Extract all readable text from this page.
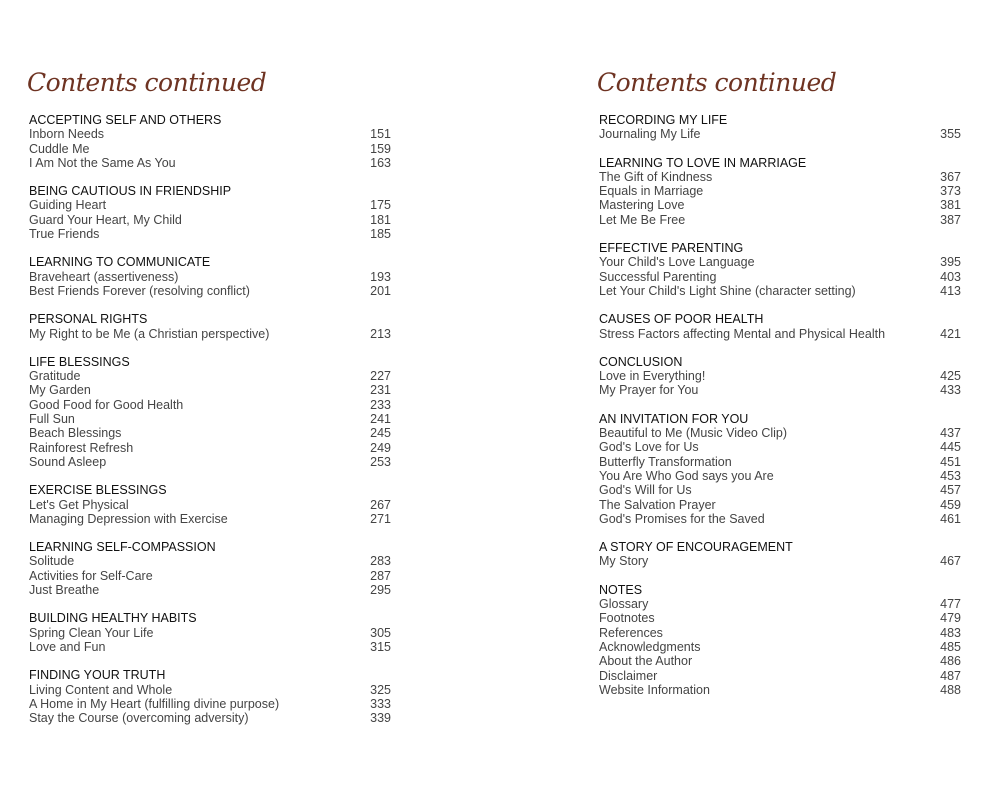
Contents continued
ACCEPTING SELF AND OTHERS
Inborn Needs	151
Cuddle Me	159
I Am Not the Same As You	163
BEING CAUTIOUS IN FRIENDSHIP
Guiding Heart	175
Guard Your Heart, My Child	181
True Friends	185
LEARNING TO COMMUNICATE
Braveheart (assertiveness)	193
Best Friends Forever (resolving conflict)	201
PERSONAL RIGHTS
My Right to be Me (a Christian perspective)	213
LIFE BLESSINGS
Gratitude	227
My Garden	231
Good Food for Good Health	233
Full Sun	241
Beach Blessings	245
Rainforest Refresh	249
Sound Asleep	253
EXERCISE BLESSINGS
Let's Get Physical	267
Managing Depression with Exercise	271
LEARNING SELF-COMPASSION
Solitude	283
Activities for Self-Care	287
Just Breathe	295
BUILDING HEALTHY HABITS
Spring Clean Your Life	305
Love and Fun	315
FINDING YOUR TRUTH
Living Content and Whole	325
A Home in My Heart (fulfilling divine purpose)	333
Stay the Course (overcoming adversity)	339
Contents continued
RECORDING MY LIFE
Journaling My Life	355
LEARNING TO LOVE IN MARRIAGE
The Gift of Kindness	367
Equals in Marriage	373
Mastering Love	381
Let Me Be Free	387
EFFECTIVE PARENTING
Your Child's Love Language	395
Successful Parenting	403
Let Your Child's Light Shine (character setting)	413
CAUSES OF POOR HEALTH
Stress Factors affecting Mental and Physical Health	421
CONCLUSION
Love in Everything!	425
My Prayer for You	433
AN INVITATION FOR YOU
Beautiful to Me (Music Video Clip)	437
God's Love for Us	445
Butterfly Transformation	451
You Are Who God says you Are	453
God's Will for Us	457
The Salvation Prayer	459
God's Promises for the Saved	461
A STORY OF ENCOURAGEMENT
My Story	467
NOTES
Glossary	477
Footnotes	479
References	483
Acknowledgments	485
About the Author	486
Disclaimer	487
Website Information	488
